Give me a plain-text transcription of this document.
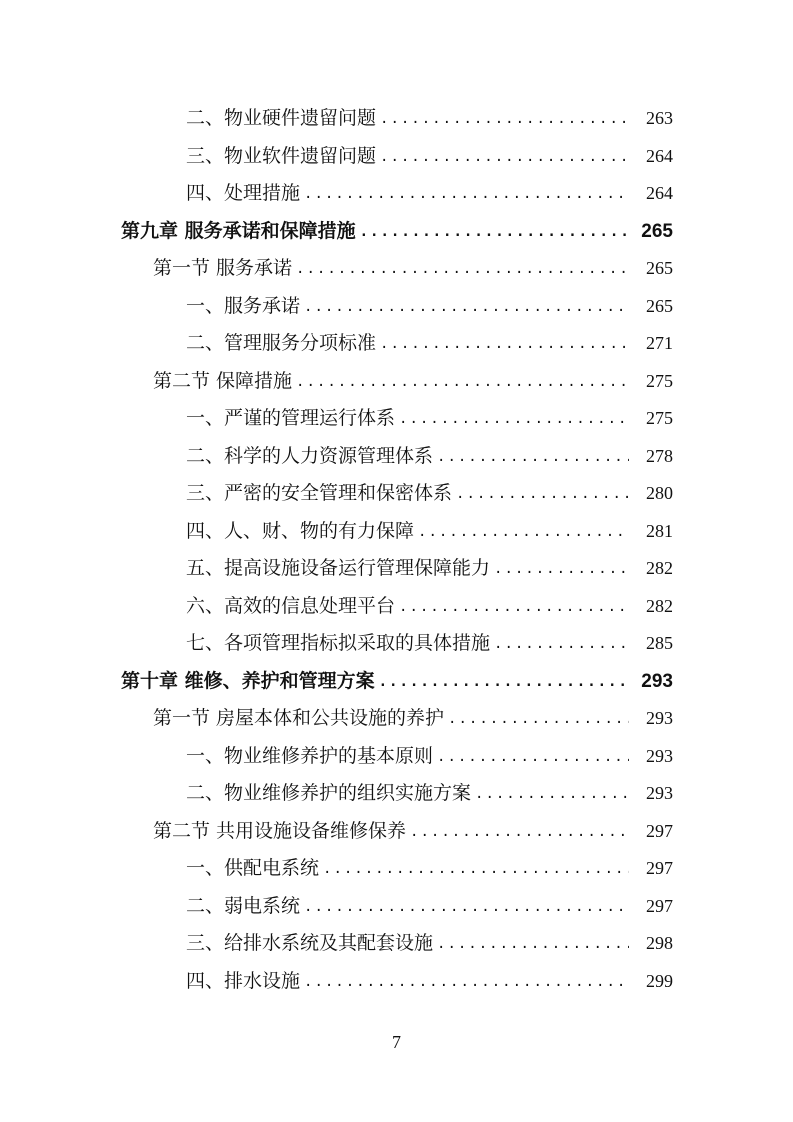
二、物业硬件遗留问题 .....	263
三、物业软件遗留问题 .....	264
四、处理措施 .....	264
第九章 服务承诺和保障措施 .....	265
第一节 服务承诺 .....	265
一、服务承诺 .....	265
二、管理服务分项标准 .....	271
第二节 保障措施 .....	275
一、严谨的管理运行体系 .....	275
二、科学的人力资源管理体系 .....	278
三、严密的安全管理和保密体系 .....	280
四、人、财、物的有力保障 .....	281
五、提高设施设备运行管理保障能力 .....	282
六、高效的信息处理平台 .....	282
七、各项管理指标拟采取的具体措施 .....	285
第十章 维修、养护和管理方案 .....	293
第一节 房屋本体和公共设施的养护 .....	293
一、物业维修养护的基本原则 .....	293
二、物业维修养护的组织实施方案 .....	293
第二节 共用设施设备维修保养 .....	297
一、供配电系统 .....	297
二、弱电系统 .....	297
三、给排水系统及其配套设施 .....	298
四、排水设施 .....	299
7
